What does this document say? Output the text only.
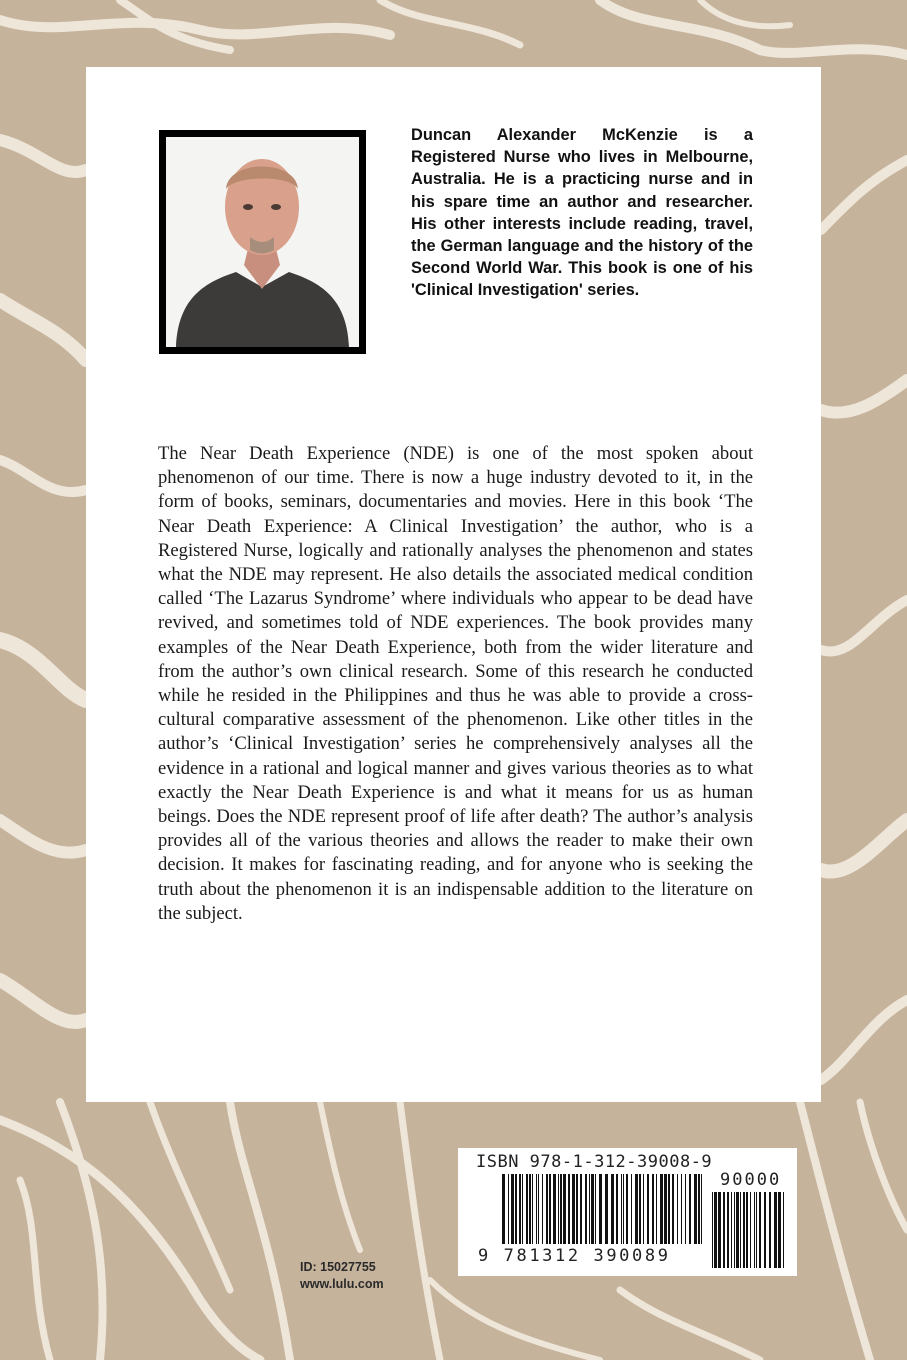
Duncan Alexander McKenzie is a Registered Nurse who lives in Melbourne, Australia. He is a practicing nurse and in his spare time an author and researcher. His other interests include reading, travel, the German language and the history of the Second World War. This book is one of his 'Clinical Investigation' series.

The Near Death Experience (NDE) is one of the most spoken about phenomenon of our time. There is now a huge industry devoted to it, in the form of books, seminars, documentaries and movies. Here in this book ‘The Near Death Experience: A Clinical Investigation’ the author, who is a Registered Nurse, logically and rationally analyses the phenomenon and states what the NDE may represent. He also details the associated medical condition called ‘The Lazarus Syndrome’ where individuals who appear to be dead have revived, and sometimes told of NDE experiences. The book provides many examples of the Near Death Experience, both from the wider literature and from the author’s own clinical research. Some of this research he conducted while he resided in the Philippines and thus he was able to provide a cross-cultural comparative assessment of the phenomenon. Like other titles in the author’s ‘Clinical Investigation’ series he comprehensively analyses all the evidence in a rational and logical manner and gives various theories as to what exactly the Near Death Experience is and what it means for us as human beings. Does the NDE represent proof of life after death? The author’s analysis provides all of the various theories and allows the reader to make their own decision. It makes for fascinating reading, and for anyone who is seeking the truth about the phenomenon it is an indispensable addition to the literature on the subject.

ISBN 978-1-312-39008-9
90000
9 781312 390089
ID: 15027755
www.lulu.com
